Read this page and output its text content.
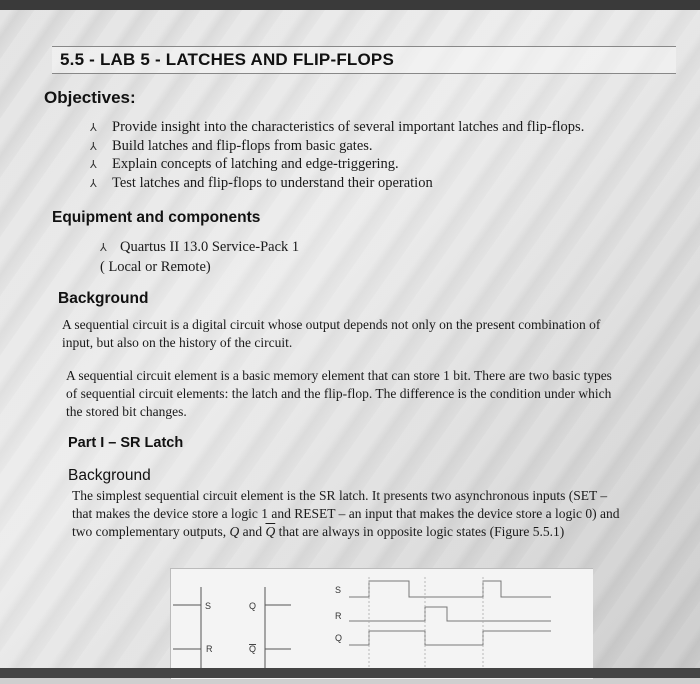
5.5 - LAB 5 - LATCHES AND FLIP-FLOPS
Objectives:
⅄ Provide insight into the characteristics of several important latches and flip-flops.
⅄ Build latches and flip-flops from basic gates.
⅄ Explain concepts of latching and edge-triggering.
⅄ Test latches and flip-flops to understand their operation
Equipment and components
⅄ Quartus II 13.0 Service-Pack 1
( Local or Remote)
Background
A sequential circuit is a digital circuit whose output depends not only on the present combination of input, but also on the history of the circuit.
A sequential circuit element is a basic memory element that can store 1 bit. There are two basic types of sequential circuit elements: the latch and the flip-flop. The difference is the condition under which the stored bit changes.
Part I – SR Latch
Background
The simplest sequential circuit element is the SR latch. It presents two asynchronous inputs (SET – that makes the device store a logic 1 and RESET – an input that makes the device store a logic 0) and two complementary outputs, Q and $\overline{Q}$ that are always in opposite logic states (Figure 5.5.1)
S
R
Q
Q
S
R
Q
